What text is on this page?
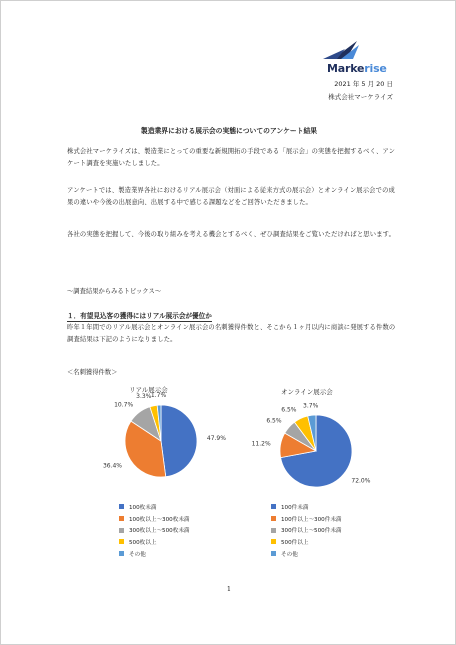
Markerise
2021 年 5 月 20 日
株式会社マーケライズ
製造業界における展示会の実態についてのアンケート結果
株式会社マーケライズは、製造業にとっての重要な新規開拓の手段である「展示会」の実態を把握するべく、アンケート調査を実施いたしました。
アンケートでは、製造業界各社におけるリアル展示会（対面による従来方式の展示会）とオンライン展示会での成果の違いや今後の出展意向、出展する中で感じる課題などをご回答いただきました。
各社の実態を把握して、今後の取り組みを考える機会とするべく、ぜひ調査結果をご覧いただければと思います。
～調査結果からみるトピックス～
１．有望見込客の獲得にはリアル展示会が優位か
昨年１年間でのリアル展示会とオンライン展示会の名刺獲得件数と、そこから１ヶ月以内に商談に発展する件数の調査結果は下記のようになりました。
＜名刺獲得件数＞
リアル展示会	オンライン展示会
47.9%
36.4%
10.7%
3.3% 1.7%
72.0%
11.2%
6.5%
6.5%
3.7%
100枚未満
100枚以上～300枚未満
300枚以上～500枚未満
500枚以上
その他
100件未満
100件以上～300件未満
300件以上～500件未満
500件以上
その他
1
